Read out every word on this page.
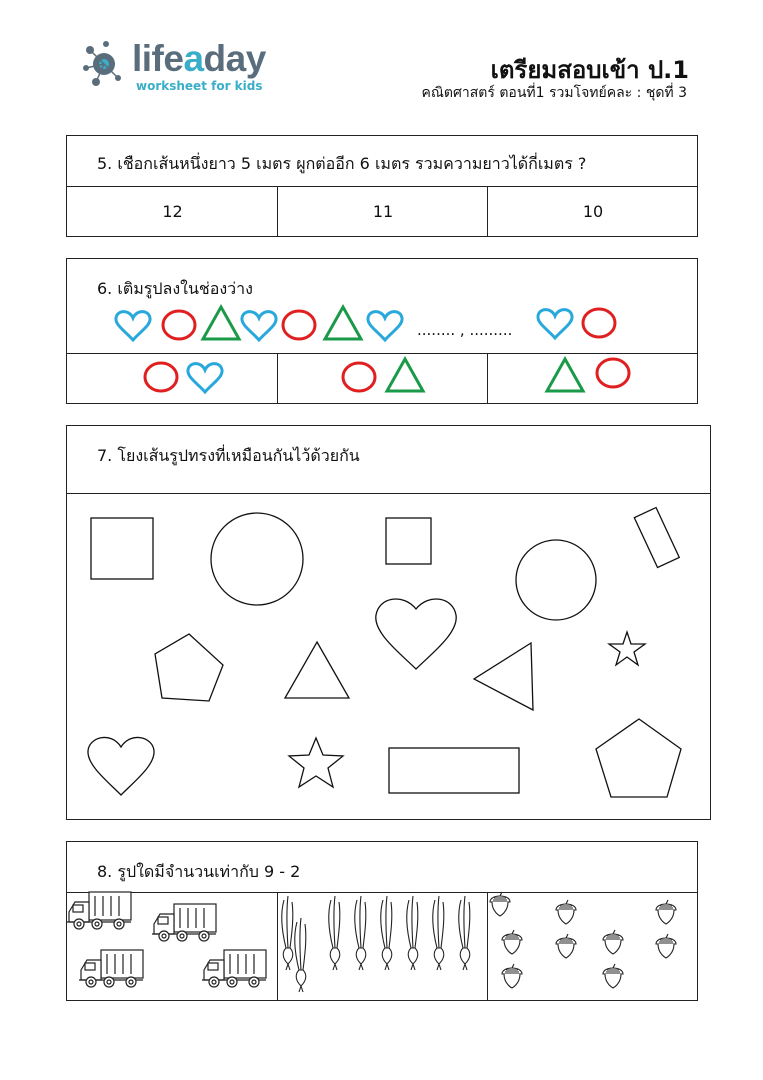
lifeaday
worksheet for kids
เตรียมสอบเข้า ป.1
คณิตศาสตร์ ตอนที่1 รวมโจทย์คละ : ชุดที่ 3
5. เชือกเส้นหนึ่งยาว 5 เมตร ผูกต่ออีก 6 เมตร รวมความยาวได้กี่เมตร ?
12	11	10
6. เติมรูปลงในช่องว่าง
........ , .........
7. โยงเส้นรูปทรงที่เหมือนกันไว้ด้วยกัน
8. รูปใดมีจำนวนเท่ากับ 9 - 2
